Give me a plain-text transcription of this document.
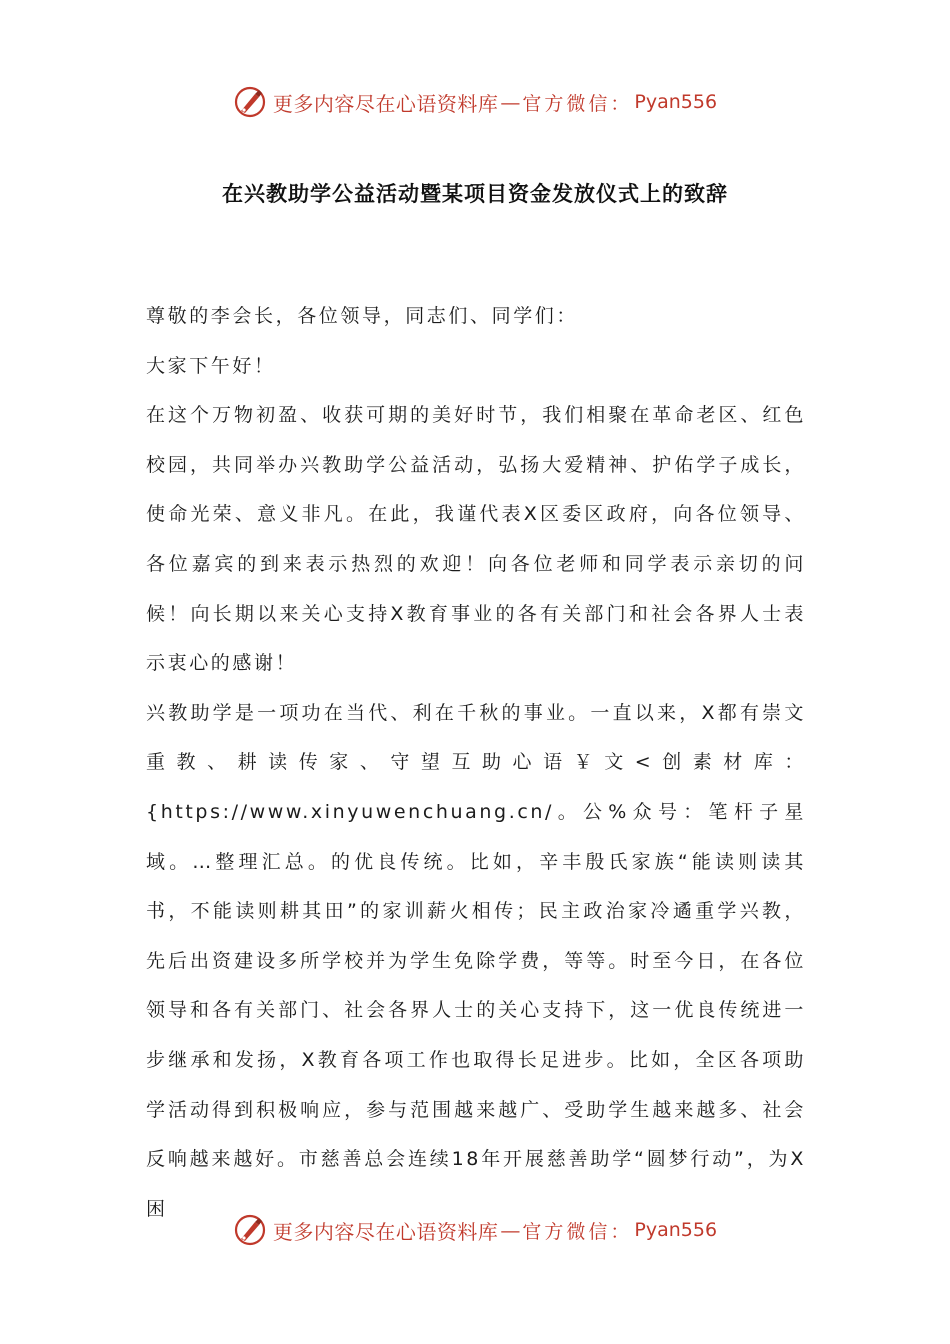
更多内容尽在心语资料库 — 官方微信： Pyan556
在兴教助学公益活动暨某项目资金发放仪式上的致辞

尊敬的李会长，各位领导，同志们、同学们：

大家下午好！

在这个万物初盈、收获可期的美好时节，我们相聚在革命老区、红色校园，共同举办兴教助学公益活动，弘扬大爱精神、护佑学子成长，使命光荣、意义非凡。在此，我谨代表X区委区政府，向各位领导、各位嘉宾的到来表示热烈的欢迎！向各位老师和同学表示亲切的问候！向长期以来关心支持X教育事业的各有关部门和社会各界人士表示衷心的感谢！

兴教助学是一项功在当代、利在千秋的事业。一直以来，X都有崇文重教、耕读传家、守望互助心语￥文<创素材库：{https://www.xinyuwenchuang.cn/。公%众号：笔杆子星域。…整理汇总。的优良传统。比如，辛丰殷氏家族“能读则读其书，不能读则耕其田”的家训薪火相传；民主政治家冷遹重学兴教，先后出资建设多所学校并为学生免除学费，等等。时至今日，在各位领导和各有关部门、社会各界人士的关心支持下，这一优良传统进一步继承和发扬，X教育各项工作也取得长足进步。比如，全区各项助学活动得到积极响应，参与范围越来越广、受助学生越来越多、社会反响越来越好。市慈善总会连续18年开展慈善助学“圆梦行动”，为X困

更多内容尽在心语资料库 — 官方微信： Pyan556
